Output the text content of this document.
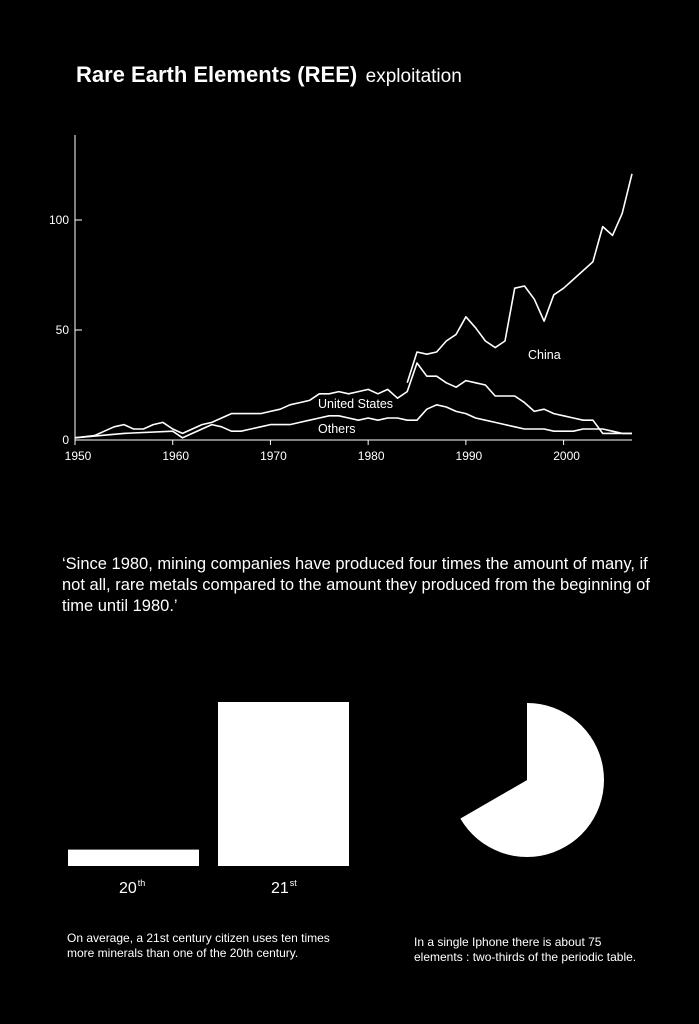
Rare Earth Elements (REE) exploitation
0
50
100
1950	1960	1970	1980	1990	2000
China
United States
Others
‘Since 1980, mining companies have produced four times the amount of many, if not all, rare metals compared to the amount they produced from the beginning of time until 1980.’
20th	21st
On average, a 21st century citizen uses ten times
more minerals than one of the 20th century.
In a single Iphone there is about 75
elements : two-thirds of the periodic table.
